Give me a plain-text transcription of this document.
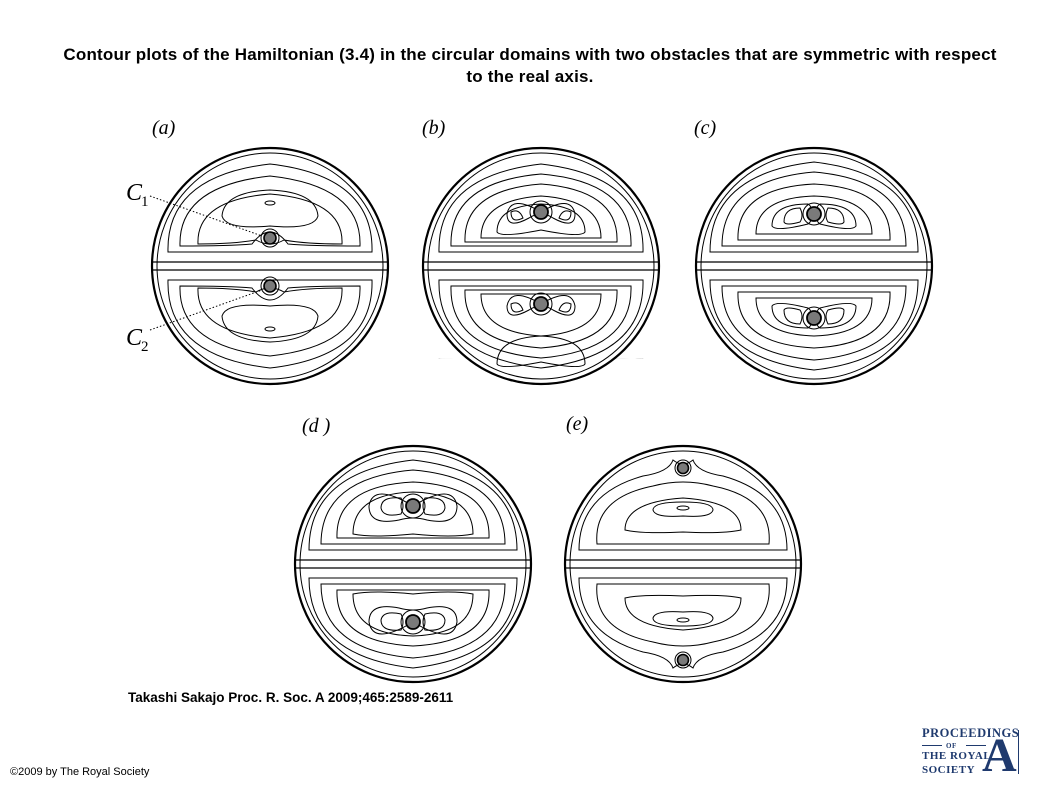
Contour plots of the Hamiltonian (3.4) in the circular domains with two obstacles that are symmetric with respect to the real axis.
(a)	(b)	(c)
(d )	(e)
C
1
C
2
Takashi Sakajo Proc. R. Soc. A 2009;465:2589-2611
©2009 by The Royal Society
PROCEEDINGS
OF
THE ROYAL
SOCIETY A
